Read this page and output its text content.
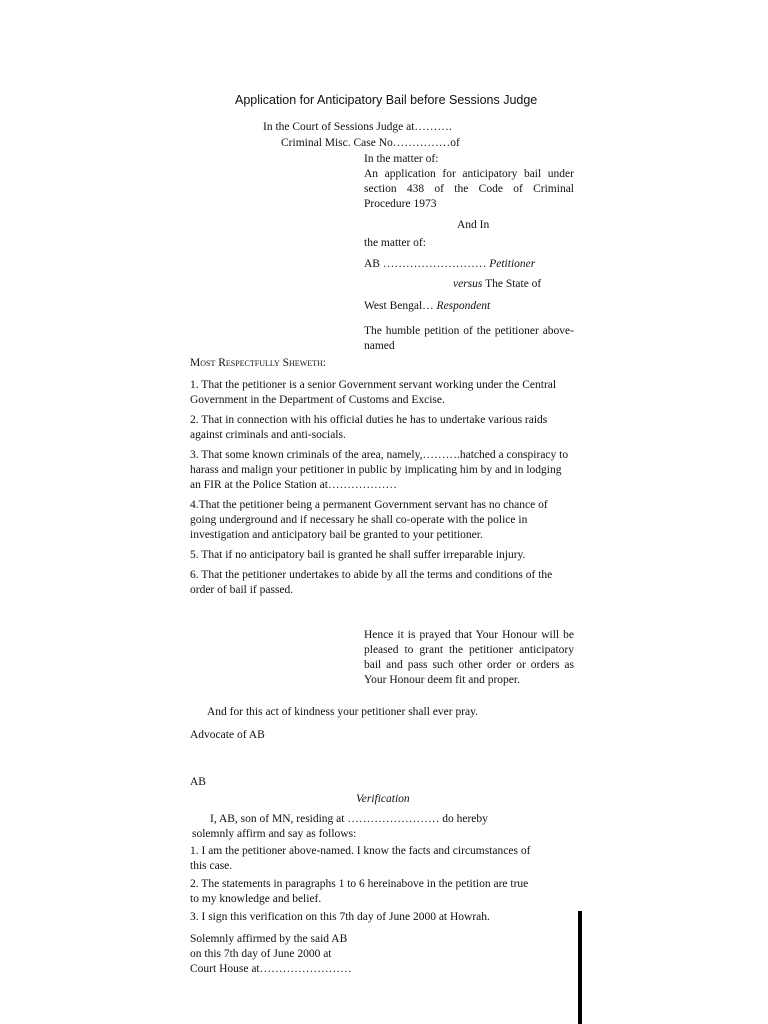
Application for Anticipatory Bail before Sessions Judge
In the Court of Sessions Judge at……….
Criminal Misc. Case No……………of
In the matter of:
An application for anticipatory bail under section 438 of the Code of Criminal Procedure 1973
And In
the matter of:
AB ……………………… Petitioner
versus The State of
West Bengal… Respondent
The humble petition of the petitioner above-named
Most Respectfully Sheweth:

1. That the petitioner is a senior Government servant working under the Central Government in the Department of Customs and Excise.

2. That in connection with his official duties he has to undertake various raids against criminals and anti-socials.

3. That some known criminals of the area, namely,……….hatched a conspiracy to harass and malign your petitioner in public by implicating him by and in lodging an FIR at the Police Station at………………

4.That the petitioner being a permanent Government servant has no chance of going underground and if necessary he shall co-operate with the police in investigation and anticipatory bail be granted to your petitioner.

5. That if no anticipatory bail is granted he shall suffer irreparable injury.

6. That the petitioner undertakes to abide by all the terms and conditions of the order of bail if passed.

Hence it is prayed that Your Honour will be pleased to grant the petitioner anticipatory bail and pass such other order or orders as Your Honour deem fit and proper.
And for this act of kindness your petitioner shall ever pray.
Advocate of AB
AB
Verification
I, AB, son of MN, residing at …………………… do hereby solemnly affirm and say as follows:

1. I am the petitioner above-named. I know the facts and circumstances of this case.

2. The statements in paragraphs 1 to 6 hereinabove in the petition are true to my knowledge and belief.

3. I sign this verification on this 7th day of June 2000 at Howrah.

Solemnly affirmed by the said AB
on this 7th day of June 2000 at
Court House at……………………
